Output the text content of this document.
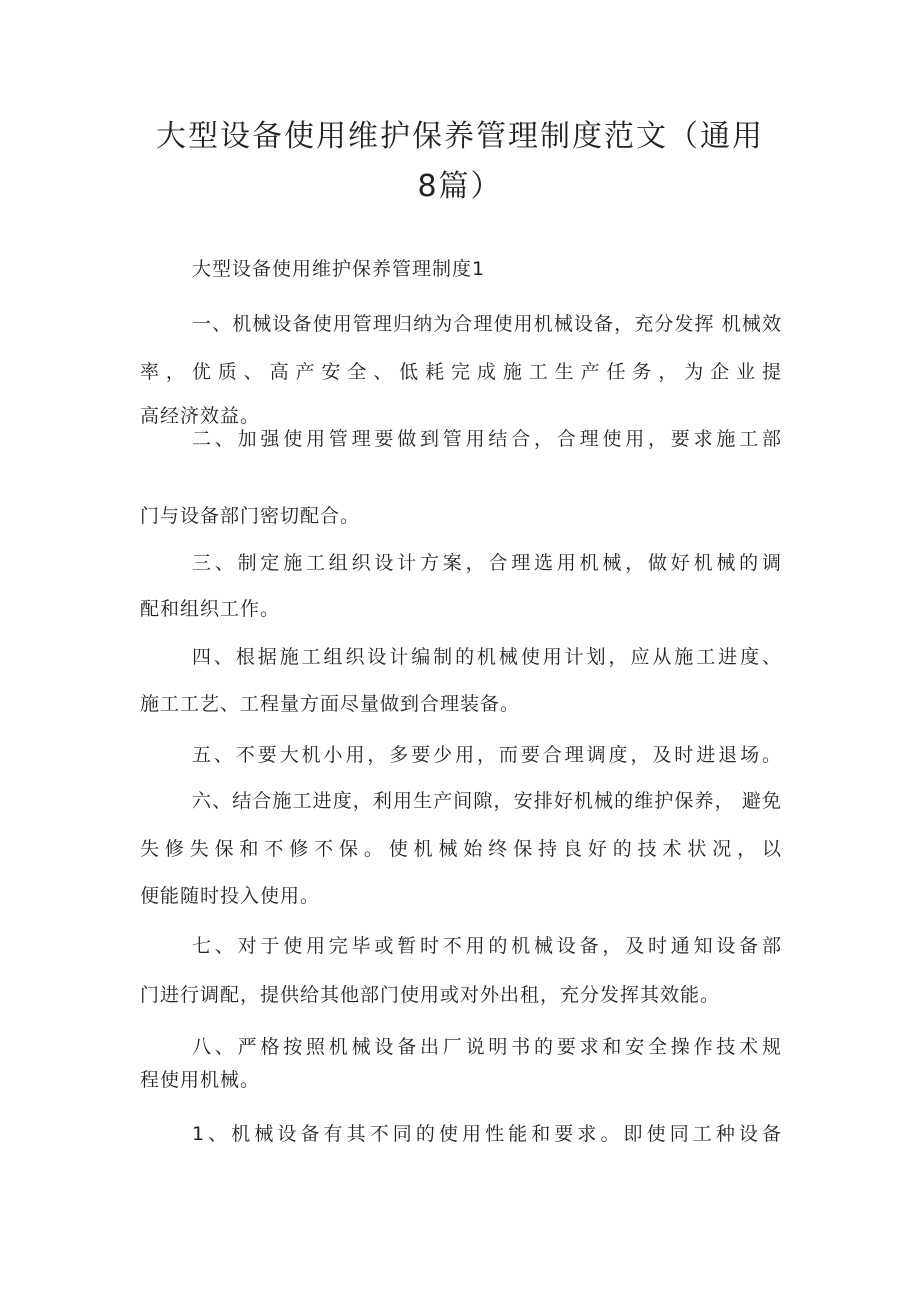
大型设备使用维护保养管理制度范文（通用
8篇）

大型设备使用维护保养管理制度1

一、机械设备使用管理归纳为合理使用机械设备，充分发挥 机械效率，优质、高产安全、低耗完成施工生产任务，为企业提

高经济效益。

二、加强使用管理要做到管用结合，合理使用，要求施工部

门与设备部门密切配合。

三、制定施工组织设计方案，合理选用机械，做好机械的调

配和组织工作。

四、根据施工组织设计编制的机械使用计划，应从施工进度、

施工工艺、工程量方面尽量做到合理装备。

五、不要大机小用，多要少用，而要合理调度，及时进退场。

六、结合施工进度，利用生产间隙，安排好机械的维护保养， 避免失修失保和不修不保。使机械始终保持良好的技术状况，以

便能随时投入使用。

七、对于使用完毕或暂时不用的机械设备，及时通知设备部

门进行调配，提供给其他部门使用或对外出租，充分发挥其效能。

八、严格按照机械设备出厂说明书的要求和安全操作技术规

程使用机械。

1、机械设备有其不同的使用性能和要求。即使同工种设备
